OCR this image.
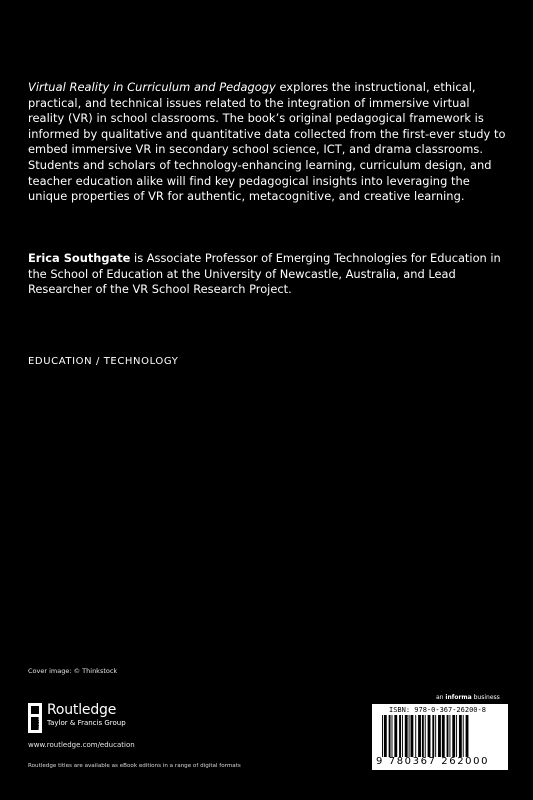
Virtual Reality in Curriculum and Pedagogy explores the instructional, ethical, practical, and technical issues related to the integration of immersive virtual reality (VR) in school classrooms. The book’s original pedagogical framework is informed by qualitative and quantitative data collected from the first-ever study to embed immersive VR in secondary school science, ICT, and drama classrooms. Students and scholars of technology-enhancing learning, curriculum design, and teacher education alike will find key pedagogical insights into leveraging the unique properties of VR for authentic, metacognitive, and creative learning.

Erica Southgate is Associate Professor of Emerging Technologies for Education in the School of Education at the University of Newcastle, Australia, and Lead Researcher of the VR School Research Project.

EDUCATION / TECHNOLOGY
Cover image: © Thinkstock
ROUTLEDGE
Routledge
Taylor & Francis Group
www.routledge.com/education
Routledge titles are available as eBook editions in a range of digital formats
an informa business
ISBN: 978-0-367-26200-8
9 780367 262000
